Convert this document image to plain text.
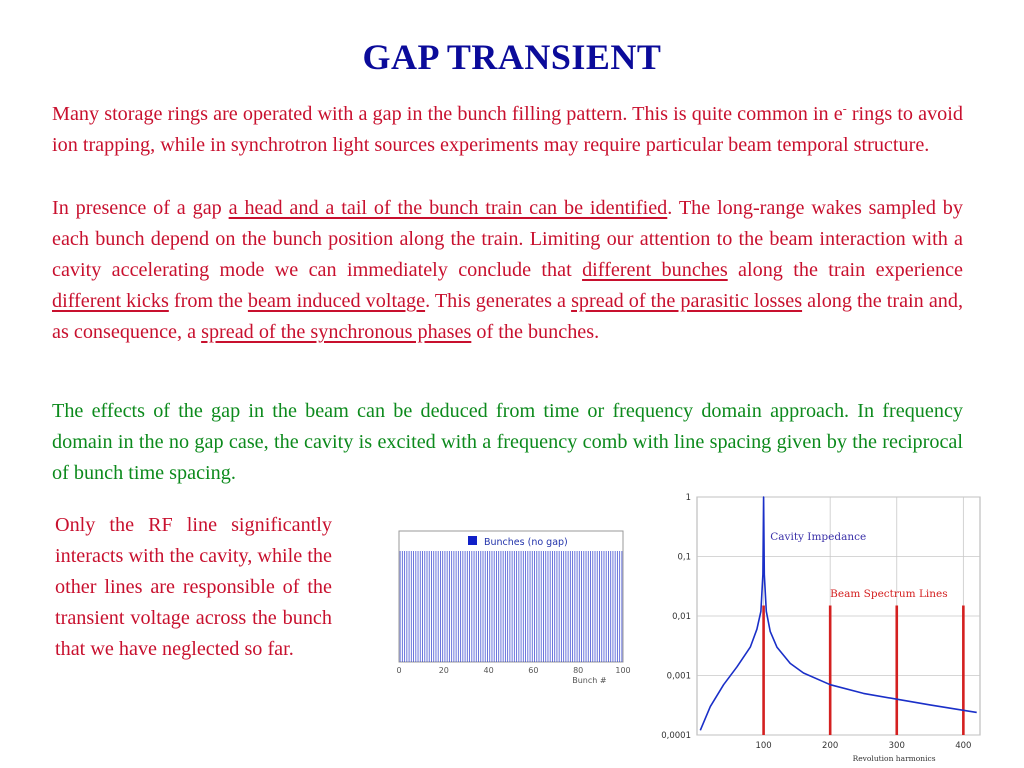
GAP TRANSIENT

Many storage rings are operated with a gap in the bunch filling pattern. This is quite common in e- rings to avoid ion trapping, while in synchrotron light sources experiments may require particular beam temporal structure.

In presence of a gap a head and a tail of the bunch train can be identified. The long-range wakes sampled by each bunch depend on the bunch position along the train. Limiting our attention to the beam interaction with a cavity accelerating mode we can immediately conclude that different bunches along the train experience different kicks from the beam induced voltage. This generates a spread of the parasitic losses along the train and, as consequence, a spread of the synchronous phases of the bunches.

The effects of the gap in the beam can be deduced from time or frequency domain approach. In frequency domain in the no gap case, the cavity is excited with a frequency comb with line spacing given by the reciprocal of bunch time spacing.

Only the RF line significantly interacts with the cavity, while the other lines are responsible of the transient voltage across the bunch that we have neglected so far.

Bunches (no gap)
0	20	40	60	80	100
Bunch #
1
0,1
0,01
0,001
0,0001
100	200	300	400
Revolution harmonics
Cavity Impedance
Beam Spectrum Lines
